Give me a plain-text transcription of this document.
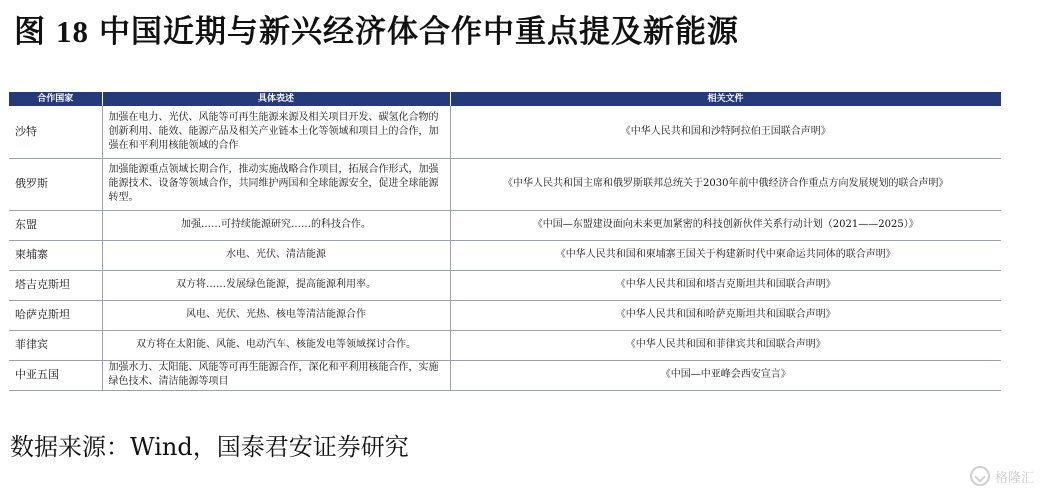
图 18 中国近期与新兴经济体合作中重点提及新能源
合作国家	具体表述	相关文件
沙特	加强在电力、光伏、风能等可再生能源来源及相关项目开发、碳氢化合物的创新利用、能效、能源产品及相关产业链本土化等领域和项目上的合作，加强在和平利用核能领域的合作	《中华人民共和国和沙特阿拉伯王国联合声明》
俄罗斯	加强能源重点领域长期合作，推动实施战略合作项目，拓展合作形式，加强能源技术、设备等领域合作，共同维护两国和全球能源安全，促进全球能源转型。	《中华人民共和国主席和俄罗斯联邦总统关于2030年前中俄经济合作重点方向发展规划的联合声明》
东盟	加强……可持续能源研究……的科技合作。	《中国—东盟建设面向未来更加紧密的科技创新伙伴关系行动计划（2021——2025）》
柬埔寨	水电、光伏、清洁能源	《中华人民共和国和柬埔寨王国关于构建新时代中柬命运共同体的联合声明》
塔吉克斯坦	双方将……发展绿色能源，提高能源利用率。	《中华人民共和国和塔吉克斯坦共和国联合声明》
哈萨克斯坦	风电、光伏、光热、核电等清洁能源合作	《中华人民共和国和哈萨克斯坦共和国联合声明》
菲律宾	双方将在太阳能、风能、电动汽车、核能发电等领域探讨合作。	《中华人民共和国和菲律宾共和国联合声明》
中亚五国	加强水力、太阳能、风能等可再生能源合作，深化和平利用核能合作，实施绿色技术、清洁能源等项目	《中国—中亚峰会西安宣言》
数据来源：Wind，国泰君安证券研究
格隆汇
